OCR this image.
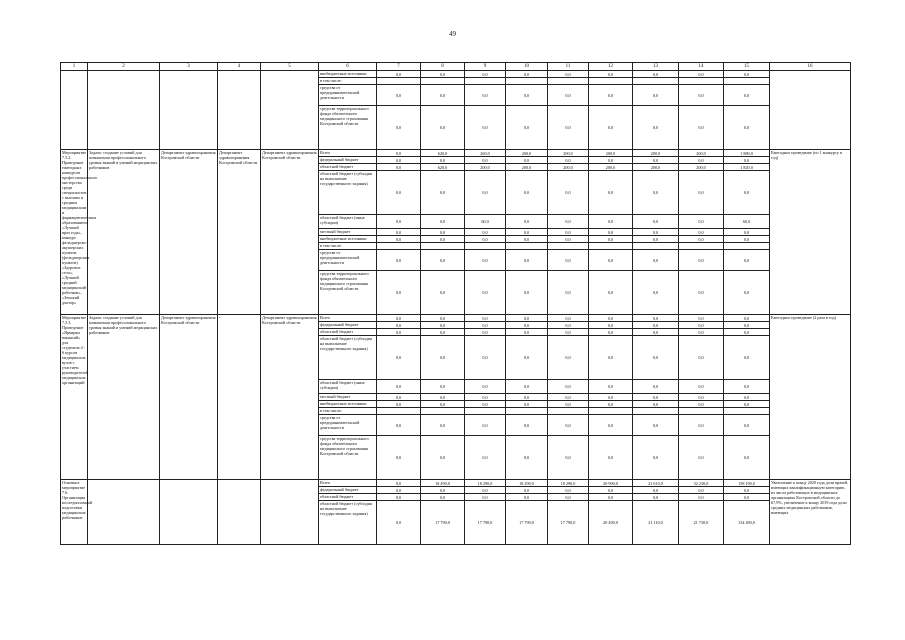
49
1	2	3	4	5	6	7	8	9	10	11	12	13	14	15	16
					внебюджетные источники	0,0	0,0	0,0	0,0	0,0	0,0	0,0	0,0	0,0	
					в том числе:										
					средства от предпринимательской деятельности	0,0	0,0	0,0	0,0	0,0	0,0	0,0	0,0	0,0	
					средства территориального фонда обязательного медицинского страхования Костромской области	0,0	0,0	0,0	0,0	0,0	0,0	0,0	0,0	0,0	
Мероприятие 7.5.2. Проведение ежегодных конкурсов профессионального мастерства среди специалистов с высшим и средним медицинским и фармацевтическим образованием: «Лучший врач года», конкурс фельдшерско-акушерских пунктов (фельдшерских пунктов) «Здоровое село», «Лучший средний медицинский работник», «Земский доктор»	Задача: создание условий для повышения профессионального уровня знаний и умений медицинских работников	Департамент здравоохранения Костромской области	Департамент здравоохранения Костромской области	Департамент здравоохранения Костромской области	Всего	0,0	620,0	260,0	200,0	200,0	200,0	200,0	200,0	1 880,0	Ежегодное проведение (по 1 конкурсу в год)
					федеральный бюджет	0,0	0,0	0,0	0,0	0,0	0,0	0,0	0,0	0,0	
					областной бюджет	0,0	620,0	200,0	200,0	200,0	200,0	200,0	200,0	1 820,0	
					областной бюджет (субсидия на выполнение государственного задания)	0,0	0,0	0,0	0,0	0,0	0,0	0,0	0,0	0,0	
					областной бюджет (иные субсидии)	0,0	0,0	60,0	0,0	0,0	0,0	0,0	0,0	60,0	
					местный бюджет	0,0	0,0	0,0	0,0	0,0	0,0	0,0	0,0	0,0	
					внебюджетные источники	0,0	0,0	0,0	0,0	0,0	0,0	0,0	0,0	0,0	
					в том числе:										
					средства от предпринимательской деятельности	0,0	0,0	0,0	0,0	0,0	0,0	0,0	0,0	0,0	
					средства территориального фонда обязательного медицинского страхования Костромской области	0,0	0,0	0,0	0,0	0,0	0,0	0,0	0,0	0,0	
Мероприятие 7.5.3. Проведение «Ярмарки вакансий» для студентов 4 - 6 курсов медицинских вузов с участием руководителей медицинских организаций	Задача: создание условий для повышения профессионального уровня знаний и умений медицинских работников	Департамент здравоохранения Костромской области	-	Департамент здравоохранения Костромской области	Всего	0,0	0,0	0,0	0,0	0,0	0,0	0,0	0,0	0,0	Ежегодное проведение (2 раза в год)
					федеральный бюджет	0,0	0,0	0,0	0,0	0,0	0,0	0,0	0,0	0,0	
					областной бюджет	0,0	0,0	0,0	0,0	0,0	0,0	0,0	0,0	0,0	
					областной бюджет (субсидия на выполнение государственного задания)	0,0	0,0	0,0	0,0	0,0	0,0	0,0	0,0	0,0	
					областной бюджет (иные субсидии)	0,0	0,0	0,0	0,0	0,0	0,0	0,0	0,0	0,0	
					местный бюджет	0,0	0,0	0,0	0,0	0,0	0,0	0,0	0,0	0,0	
					внебюджетные источники	0,0	0,0	0,0	0,0	0,0	0,0	0,0	0,0	0,0	
					в том числе:										
					средства от предпринимательской деятельности	0,0	0,0	0,0	0,0	0,0	0,0	0,0	0,0	0,0	
					средства территориального фонда обязательного медицинского страхования Костромской области	0,0	0,0	0,0	0,0	0,0	0,0	0,0	0,0	0,0	
Основное мероприятие 7.6. Организация последипломной подготовки медицинских работников					Всего	0,0	18 490,0	18 290,0	18 290,0	18 290,0	20 990,0	21 610,0	32 230,0	158 190,0	Увеличение к концу 2020 года доли врачей, имеющих квалификационную категорию, из числа работающих в медицинских организациях Костромской области до 67,9%, увеличение к концу 2019 года доли средних медицинских работников, имеющих
					федеральный бюджет	0,0	0,0	0,0	0,0	0,0	0,0	0,0	0,0	0,0	
					областной бюджет	0,0	0,0	0,0	0,0	0,0	0,0	0,0	0,0	0,0	
					областной бюджет (субсидия на выполнение государственного задания)	0,0	17 790,0	17 790,0	17 790,0	17 790,0	20 490,0	21 110,0	21 730,0	134 490,0	
